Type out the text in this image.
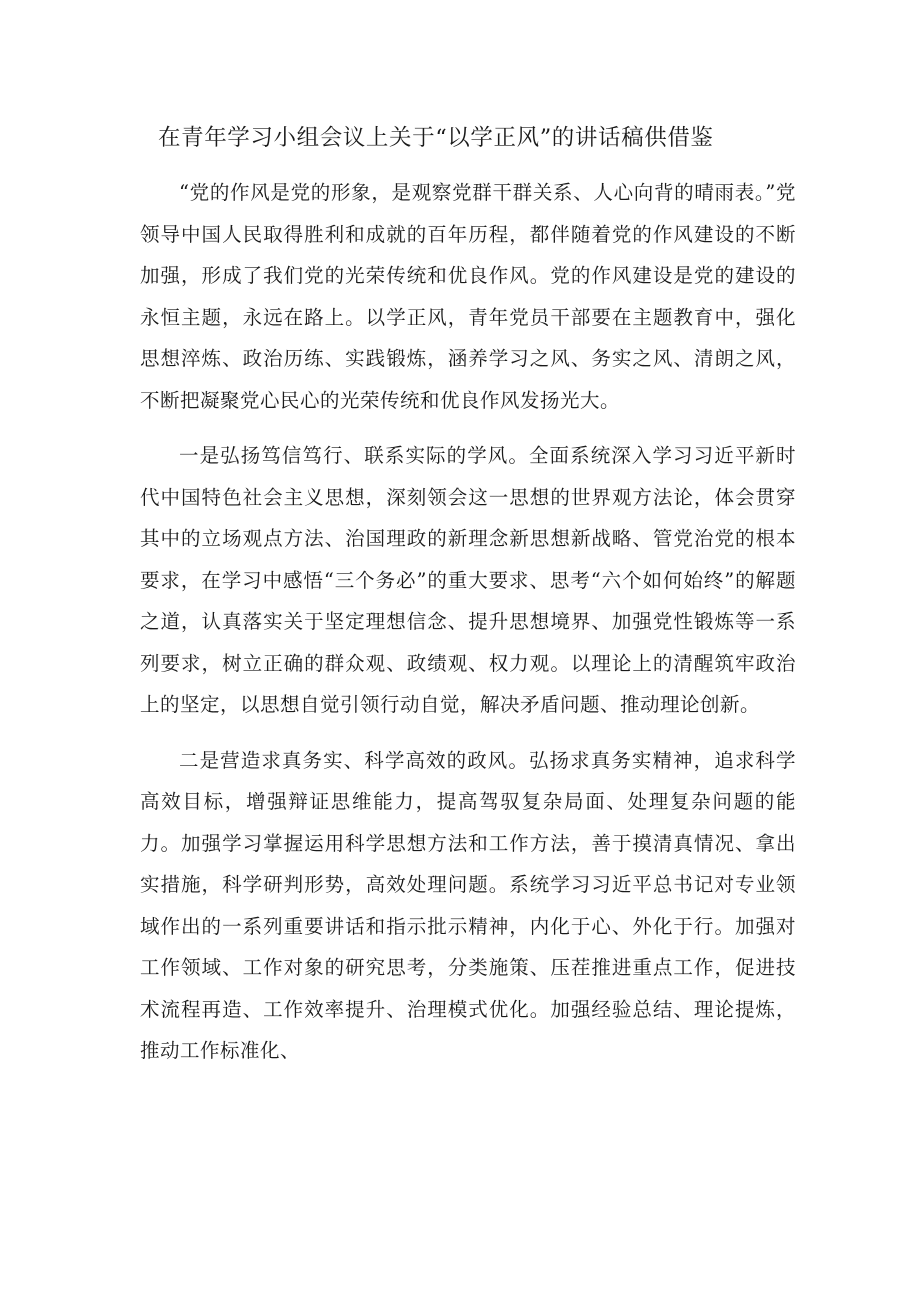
在青年学习小组会议上关于“以学正风”的讲话稿供借鉴

“党的作风是党的形象，是观察党群干群关系、人心向背的晴雨表。”党领导中国人民取得胜利和成就的百年历程，都伴随着党的作风建设的不断加强，形成了我们党的光荣传统和优良作风。党的作风建设是党的建设的永恒主题，永远在路上。以学正风，青年党员干部要在主题教育中，强化思想淬炼、政治历练、实践锻炼，涵养学习之风、务实之风、清朗之风，不断把凝聚党心民心的光荣传统和优良作风发扬光大。

一是弘扬笃信笃行、联系实际的学风。全面系统深入学习习近平新时代中国特色社会主义思想，深刻领会这一思想的世界观方法论，体会贯穿其中的立场观点方法、治国理政的新理念新思想新战略、管党治党的根本要求，在学习中感悟“三个务必”的重大要求、思考“六个如何始终”的解题之道，认真落实关于坚定理想信念、提升思想境界、加强党性锻炼等一系列要求，树立正确的群众观、政绩观、权力观。以理论上的清醒筑牢政治上的坚定，以思想自觉引领行动自觉，解决矛盾问题、推动理论创新。

二是营造求真务实、科学高效的政风。弘扬求真务实精神，追求科学高效目标，增强辩证思维能力，提高驾驭复杂局面、处理复杂问题的能力。加强学习掌握运用科学思想方法和工作方法，善于摸清真情况、拿出实措施，科学研判形势，高效处理问题。系统学习习近平总书记对专业领域作出的一系列重要讲话和指示批示精神，内化于心、外化于行。加强对工作领域、工作对象的研究思考，分类施策、压茬推进重点工作，促进技术流程再造、工作效率提升、治理模式优化。加强经验总结、理论提炼，推动工作标准化、
